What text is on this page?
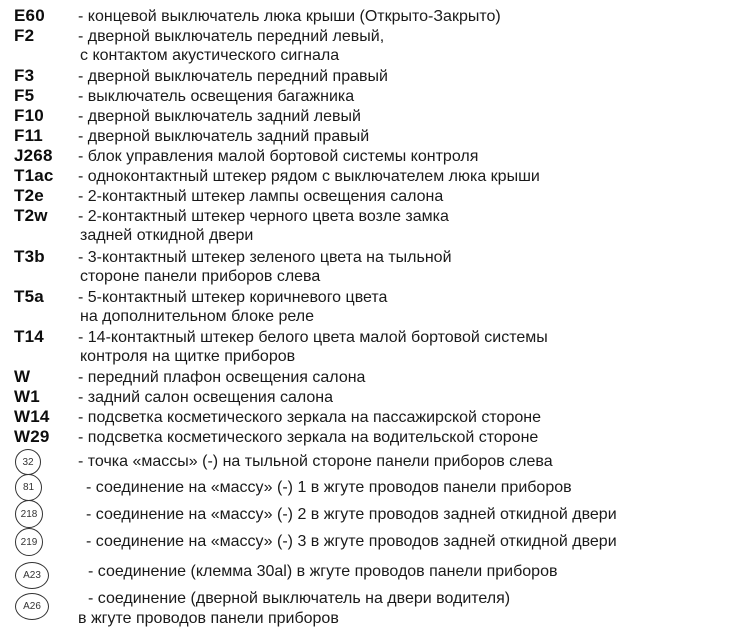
E60 - концевой выключатель люка крыши (Открыто-Закрыто)
F2	- дверной выключатель передний левый,
с контактом акустического сигнала
F3	- дверной выключатель передний правый
F5	- выключатель освещения багажника
F10 - дверной выключатель задний левый
F11 - дверной выключатель задний правый
J268 - блок управления малой бортовой системы контроля
T1ac - одноконтактный штекер рядом с выключателем люка крыши
T2e - 2-контактный штекер лампы освещения салона
T2w - 2-контактный штекер черного цвета возле замка
задней откидной двери
T3b - 3-контактный штекер зеленого цвета на тыльной
стороне панели приборов слева
T5a - 5-контактный штекер коричневого цвета
на дополнительном блоке реле
T14 - 14-контактный штекер белого цвета малой бортовой системы
контроля на щитке приборов
W	- передний плафон освещения салона
W1 - задний салон освещения салона
W14 - подсветка косметического зеркала на пассажирской стороне
W29 - подсветка косметического зеркала на водительской стороне
32	- точка «массы» (-) на тыльной стороне панели приборов слева
81	- соединение на «массу» (-) 1 в жгуте проводов панели приборов
218	- соединение на «массу» (-) 2 в жгуте проводов задней откидной двери
219	- соединение на «массу» (-) 3 в жгуте проводов задней откидной двери
A23	- соединение (клемма 30al) в жгуте проводов панели приборов
A26	- соединение (дверной выключатель на двери водителя)
в жгуте проводов панели приборов
